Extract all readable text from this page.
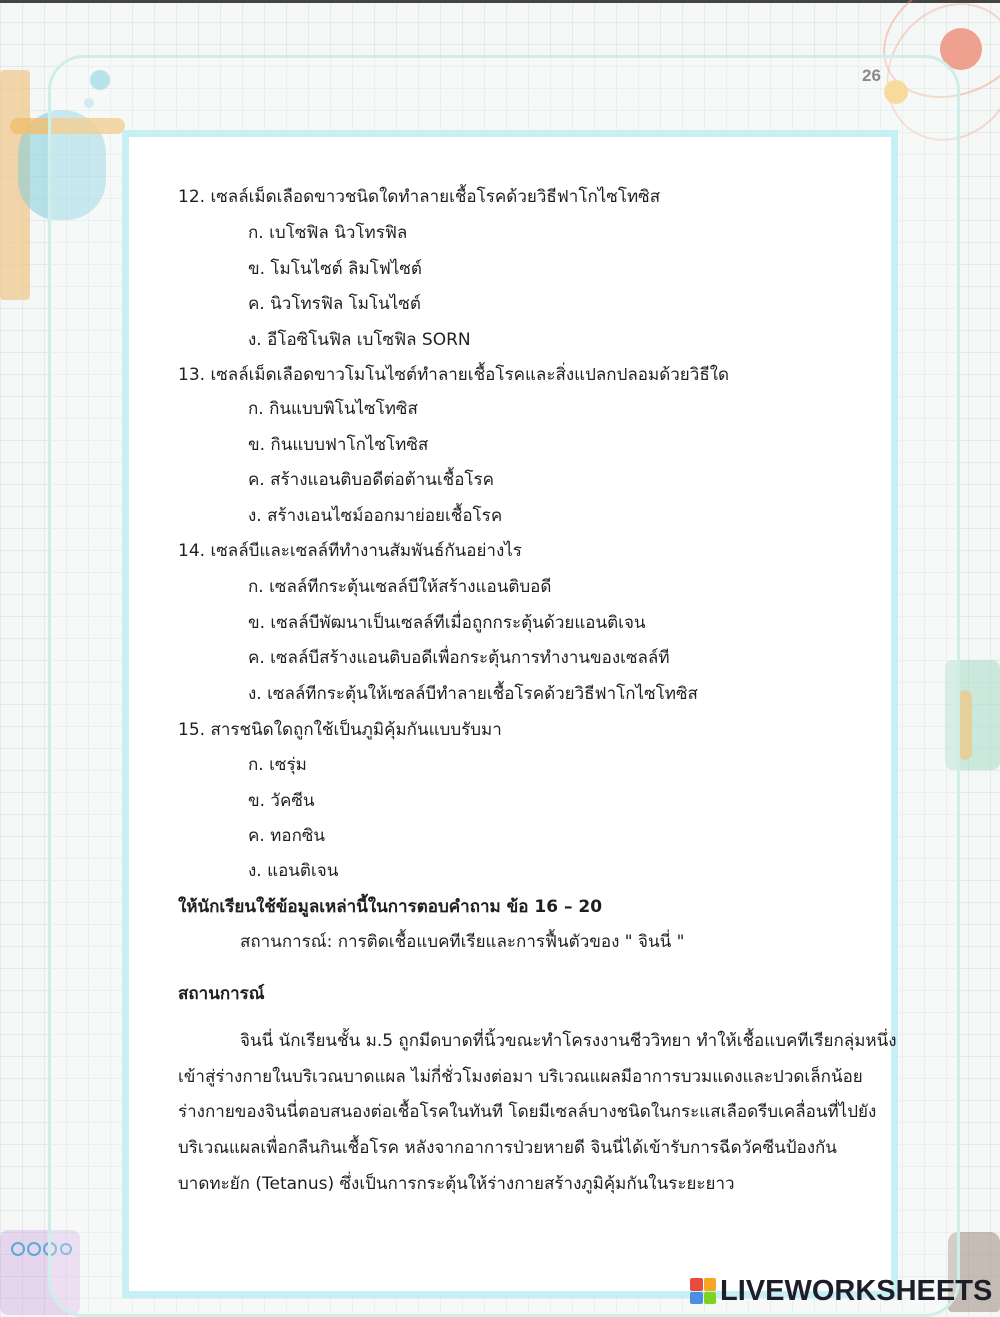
26
12. เซลล์เม็ดเลือดขาวชนิดใดทำลายเชื้อโรคด้วยวิธีฟาโกไซโทซิส
ก. เบโซฟิล นิวโทรฟิล
ข. โมโนไซต์ ลิมโฟไซต์
ค. นิวโทรฟิล โมโนไซต์
ง. อีโอซิโนฟิล เบโซฟิล SORN
13. เซลล์เม็ดเลือดขาวโมโนไซต์ทำลายเชื้อโรคและสิ่งแปลกปลอมด้วยวิธีใด
ก. กินแบบพิโนไซโทซิส
ข. กินแบบฟาโกไซโทซิส
ค. สร้างแอนติบอดีต่อต้านเชื้อโรค
ง. สร้างเอนไซม์ออกมาย่อยเชื้อโรค
14. เซลล์บีและเซลล์ทีทำงานสัมพันธ์กันอย่างไร
ก. เซลล์ทีกระตุ้นเซลล์บีให้สร้างแอนติบอดี
ข. เซลล์บีพัฒนาเป็นเซลล์ทีเมื่อถูกกระตุ้นด้วยแอนติเจน
ค. เซลล์บีสร้างแอนติบอดีเพื่อกระตุ้นการทำงานของเซลล์ที
ง. เซลล์ทีกระตุ้นให้เซลล์บีทำลายเชื้อโรคด้วยวิธีฟาโกไซโทซิส
15. สารชนิดใดถูกใช้เป็นภูมิคุ้มกันแบบรับมา
ก. เซรุ่ม
ข. วัคซีน
ค. ทอกซิน
ง. แอนติเจน
ให้นักเรียนใช้ข้อมูลเหล่านี้ในการตอบคำถาม ข้อ 16 – 20
สถานการณ์: การติดเชื้อแบคทีเรียและการฟื้นตัวของ " จินนี่ "
สถานการณ์
จินนี่ นักเรียนชั้น ม.5 ถูกมีดบาดที่นิ้วขณะทำโครงงานชีววิทยา ทำให้เชื้อแบคทีเรียกลุ่มหนึ่ง
เข้าสู่ร่างกายในบริเวณบาดแผล ไม่กี่ชั่วโมงต่อมา บริเวณแผลมีอาการบวมแดงและปวดเล็กน้อย
ร่างกายของจินนี่ตอบสนองต่อเชื้อโรคในทันที โดยมีเซลล์บางชนิดในกระแสเลือดรีบเคลื่อนที่ไปยัง
บริเวณแผลเพื่อกลืนกินเชื้อโรค หลังจากอาการป่วยหายดี จินนี่ได้เข้ารับการฉีดวัคซีนป้องกัน
บาดทะยัก (Tetanus) ซึ่งเป็นการกระตุ้นให้ร่างกายสร้างภูมิคุ้มกันในระยะยาว
LIVEWORKSHEETS
